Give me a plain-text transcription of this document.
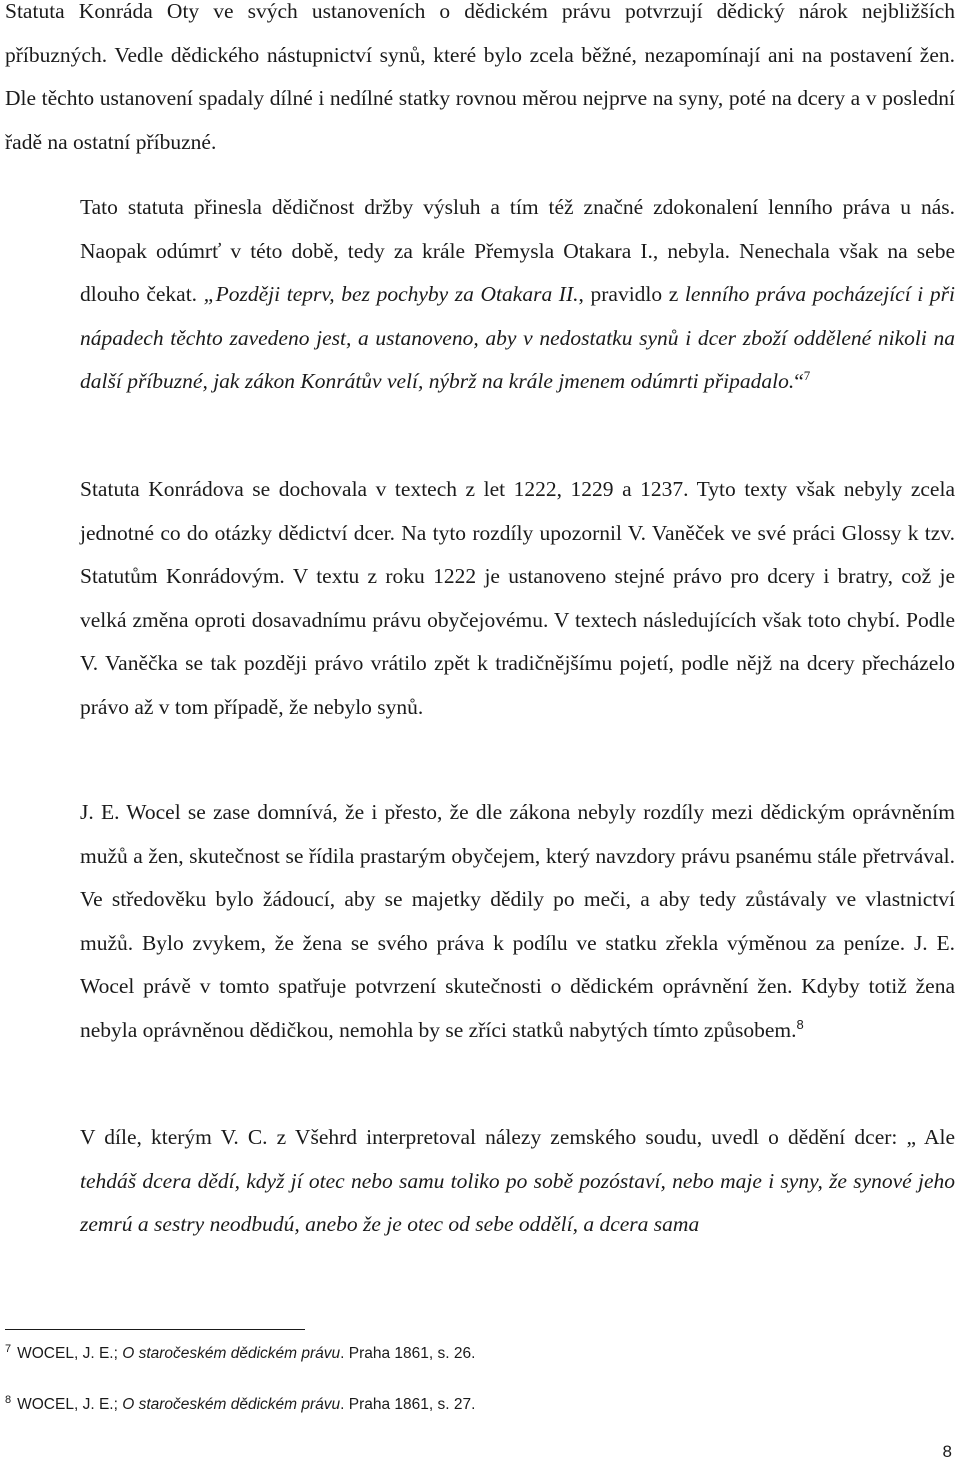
Statuta Konráda Oty ve svých ustanoveních o dědickém právu potvrzují dědický nárok nejbližších příbuzných. Vedle dědického nástupnictví synů, které bylo zcela běžné, nezapomínají ani na postavení žen. Dle těchto ustanovení spadaly dílné i nedílné statky rovnou měrou nejprve na syny, poté na dcery a v poslední řadě na ostatní příbuzné.

Tato statuta přinesla dědičnost držby výsluh a tím též značné zdokonalení lenního práva u nás. Naopak odúmrť v této době, tedy za krále Přemysla Otakara I., nebyla. Nenechala však na sebe dlouho čekat. „Později teprv, bez pochyby za Otakara II., pravidlo z lenního práva pocházející i při nápadech těchto zavedeno jest, a ustanoveno, aby v nedostatku synů i dcer zboží oddělené nikoli na další příbuzné, jak zákon Konrátův velí, nýbrž na krále jmenem odúmrti připadalo.“$^7$

Statuta Konrádova se dochovala v textech z let 1222, 1229 a 1237. Tyto texty však nebyly zcela jednotné co do otázky dědictví dcer. Na tyto rozdíly upozornil V. Vaněček ve své práci Glossy k tzv. Statutům Konrádovým. V textu z roku 1222 je ustanoveno stejné právo pro dcery i bratry, což je velká změna oproti dosavadnímu právu obyčejovému. V textech následujících však toto chybí. Podle V. Vaněčka se tak později právo vrátilo zpět k tradičnějšímu pojetí, podle nějž na dcery přecházelo právo až v tom případě, že nebylo synů.

J. E. Wocel se zase domnívá, že i přesto, že dle zákona nebyly rozdíly mezi dědickým oprávněním mužů a žen, skutečnost se řídila prastarým obyčejem, který navzdory právu psanému stále přetrvával. Ve středověku bylo žádoucí, aby se majetky dědily po meči, a aby tedy zůstávaly ve vlastnictví mužů. Bylo zvykem, že žena se svého práva k podílu ve statku zřekla výměnou za peníze. J. E. Wocel právě v tomto spatřuje potvrzení skutečnosti o dědickém oprávnění žen. Kdyby totiž žena nebyla oprávněnou dědičkou, nemohla by se zříci statků nabytých tímto způsobem.$^8$

V díle, kterým V. C. z Všehrd interpretoval nálezy zemského soudu, uvedl o dědění dcer: „ Ale tehdáš dcera dědí, když jí otec nebo samu toliko po sobě pozóstaví, nebo maje i syny, že synové jeho zemrú a sestry neodbudú, anebo že je otec od sebe oddělí, a dcera sama

$^7$ WOCEL, J. E.; O staročeském dědickém právu. Praha 1861, s. 26.
$^8$ WOCEL, J. E.; O staročeském dědickém právu. Praha 1861, s. 27.
8
